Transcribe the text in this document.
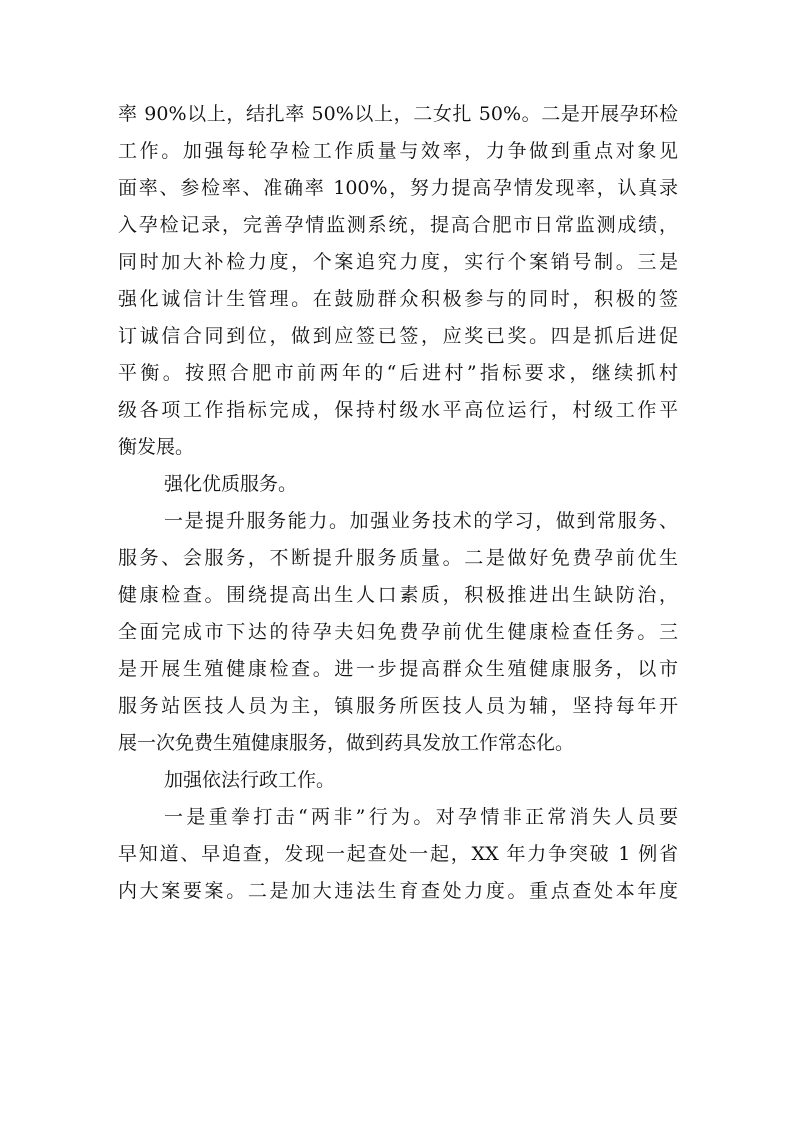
率 90%以上，结扎率 50%以上，二女扎 50%。二是开展孕环检
工作。加强每轮孕检工作质量与效率，力争做到重点对象见
面率、参检率、准确率 100%，努力提高孕情发现率，认真录
入孕检记录，完善孕情监测系统，提高合肥市日常监测成绩，
同时加大补检力度，个案追究力度，实行个案销号制。三是
强化诚信计生管理。在鼓励群众积极参与的同时，积极的签
订诚信合同到位，做到应签已签，应奖已奖。四是抓后进促
平衡。按照合肥市前两年的“后进村”指标要求，继续抓村
级各项工作指标完成，保持村级水平高位运行，村级工作平
衡发展。
强化优质服务。
一是提升服务能力。加强业务技术的学习，做到常服务、
服务、会服务，不断提升服务质量。二是做好免费孕前优生
健康检查。围绕提高出生人口素质，积极推进出生缺防治，
全面完成市下达的待孕夫妇免费孕前优生健康检查任务。三
是开展生殖健康检查。进一步提高群众生殖健康服务，以市
服务站医技人员为主，镇服务所医技人员为辅，坚持每年开
展一次免费生殖健康服务，做到药具发放工作常态化。
加强依法行政工作。
一是重拳打击“两非”行为。对孕情非正常消失人员要
早知道、早追查，发现一起查处一起，XX 年力争突破 1 例省
内大案要案。二是加大违法生育查处力度。重点查处本年度
